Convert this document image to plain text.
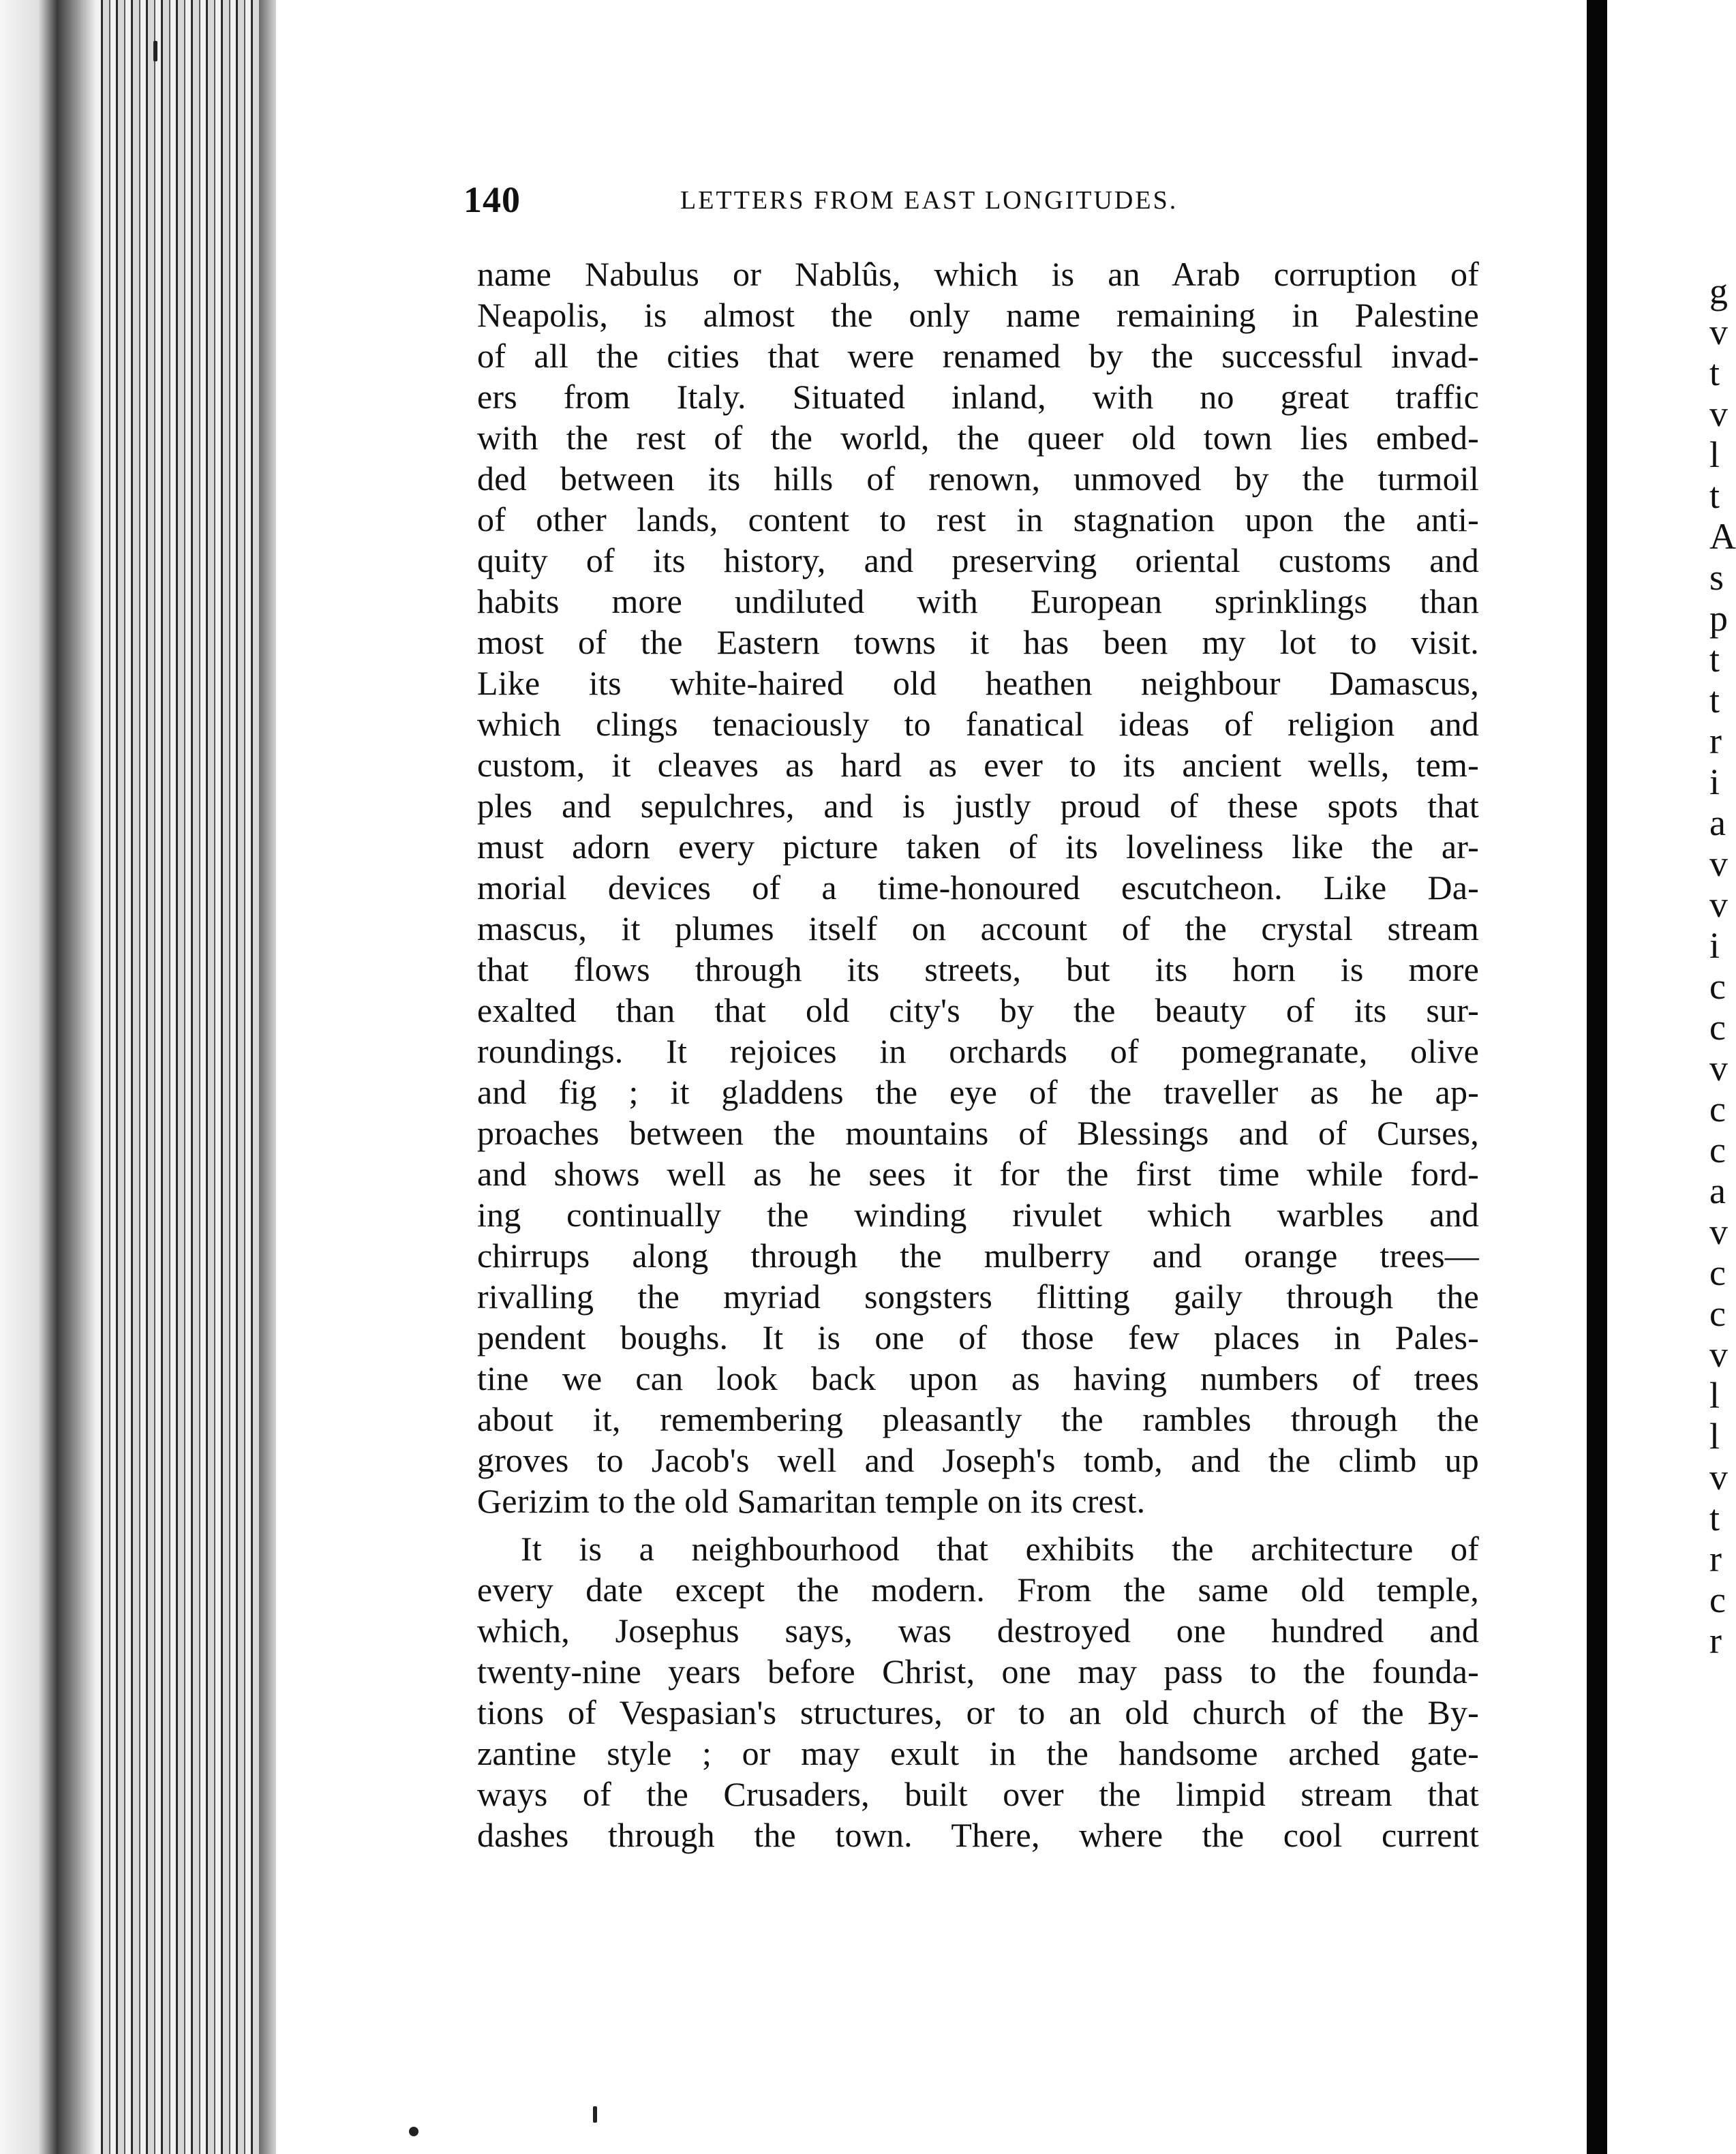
140	LETTERS FROM EAST LONGITUDES.
name Nabulus or Nablûs, which is an Arab corruption of
Neapolis, is almost the only name remaining in Palestine
of all the cities that were renamed by the successful invad-
ers from Italy. Situated inland, with no great traffic
with the rest of the world, the queer old town lies embed-
ded between its hills of renown, unmoved by the turmoil
of other lands, content to rest in stagnation upon the anti-
quity of its history, and preserving oriental customs and
habits more undiluted with European sprinklings than
most of the Eastern towns it has been my lot to visit.
Like its white-haired old heathen neighbour Damascus,
which clings tenaciously to fanatical ideas of religion and
custom, it cleaves as hard as ever to its ancient wells, tem-
ples and sepulchres, and is justly proud of these spots that
must adorn every picture taken of its loveliness like the ar-
morial devices of a time-honoured escutcheon. Like Da-
mascus, it plumes itself on account of the crystal stream
that flows through its streets, but its horn is more
exalted than that old city's by the beauty of its sur-
roundings. It rejoices in orchards of pomegranate, olive
and fig ; it gladdens the eye of the traveller as he ap-
proaches between the mountains of Blessings and of Curses,
and shows well as he sees it for the first time while ford-
ing continually the winding rivulet which warbles and
chirrups along through the mulberry and orange trees—
rivalling the myriad songsters flitting gaily through the
pendent boughs. It is one of those few places in Pales-
tine we can look back upon as having numbers of trees
about it, remembering pleasantly the rambles through the
groves to Jacob's well and Joseph's tomb, and the climb up
Gerizim to the old Samaritan temple on its crest.
It is a neighbourhood that exhibits the architecture of
every date except the modern. From the same old temple,
which, Josephus says, was destroyed one hundred and
twenty-nine years before Christ, one may pass to the founda-
tions of Vespasian's structures, or to an old church of the By-
zantine style ; or may exult in the handsome arched gate-
ways of the Crusaders, built over the limpid stream that
dashes through the town. There, where the cool current
g
v
t
v
l
t
A
s
p
t
t
r
i
a
v
v
i
c
c
v
c
c
a
v
c
c
v
l
l
v
t
r
c
r
